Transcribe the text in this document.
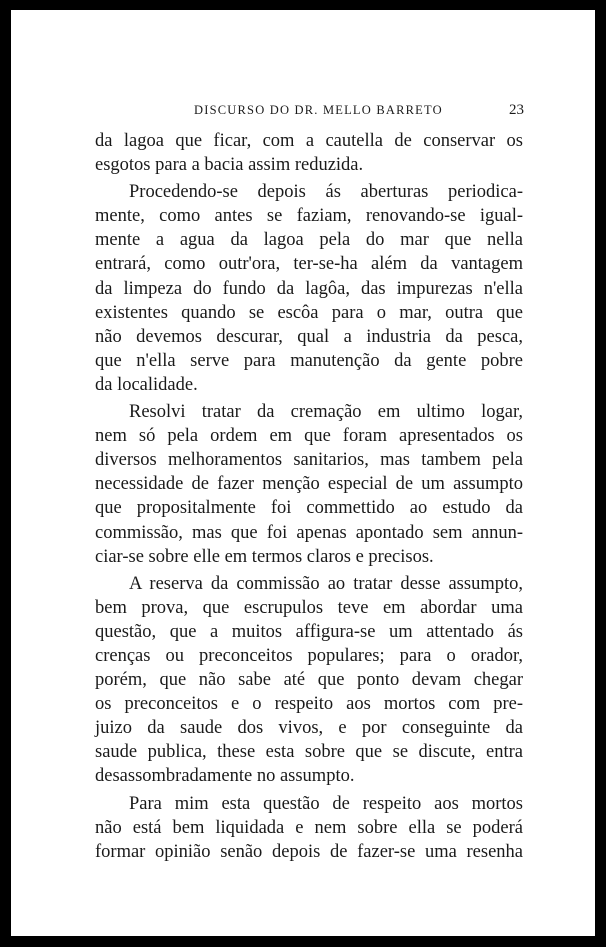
DISCURSO DO DR. MELLO BARRETO	23
da lagoa que ficar, com a cautella de conservar os
esgotos para a bacia assim reduzida.
Procedendo-se depois ás aberturas periodica-
mente, como antes se faziam, renovando-se igual-
mente a agua da lagoa pela do mar que nella
entrará, como outr'ora, ter-se-ha além da vantagem
da limpeza do fundo da lagôa, das impurezas n'ella
existentes quando se escôa para o mar, outra que
não devemos descurar, qual a industria da pesca,
que n'ella serve para manutenção da gente pobre
da localidade.
Resolvi tratar da cremação em ultimo logar,
nem só pela ordem em que foram apresentados os
diversos melhoramentos sanitarios, mas tambem pela
necessidade de fazer menção especial de um assumpto
que propositalmente foi commettido ao estudo da
commissão, mas que foi apenas apontado sem annun-
ciar-se sobre elle em termos claros e precisos.
A reserva da commissão ao tratar desse assumpto,
bem prova, que escrupulos teve em abordar uma
questão, que a muitos affigura-se um attentado ás
crenças ou preconceitos populares; para o orador,
porém, que não sabe até que ponto devam chegar
os preconceitos e o respeito aos mortos com pre-
juizo da saude dos vivos, e por conseguinte da
saude publica, these esta sobre que se discute, entra
desassombradamente no assumpto.
Para mim esta questão de respeito aos mortos
não está bem liquidada e nem sobre ella se poderá
formar opinião senão depois de fazer-se uma resenha
